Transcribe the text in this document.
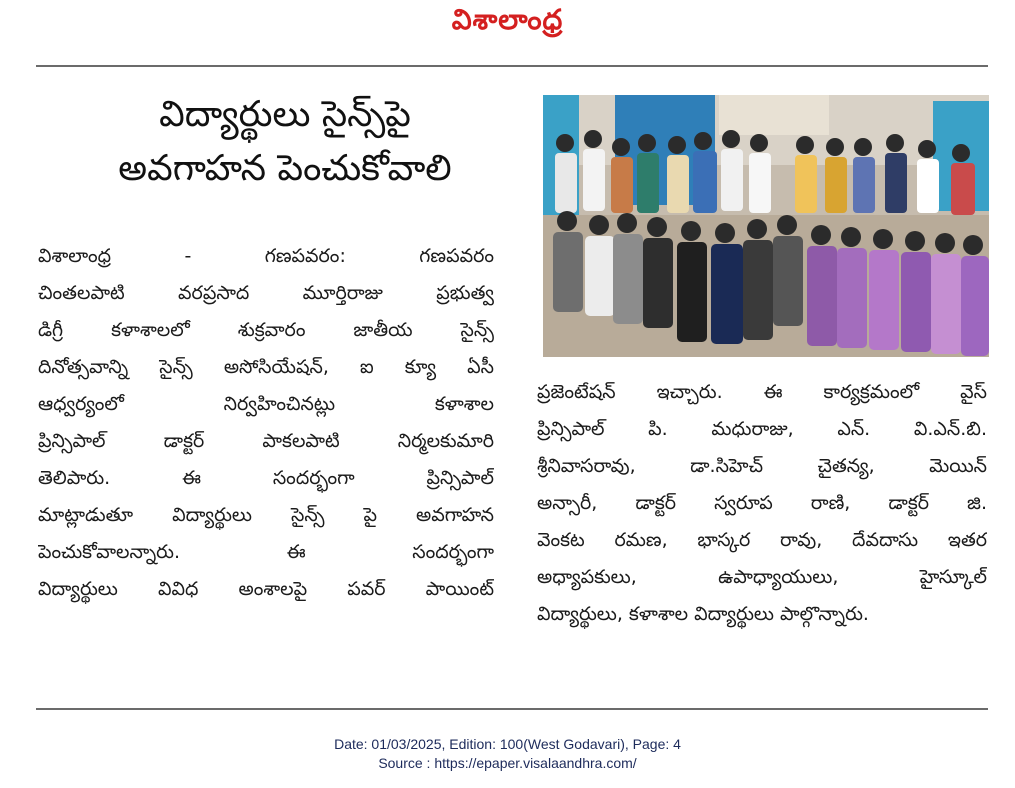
విశాలాంధ్ర
విద్యార్థులు సైన్స్‌పై
అవగాహన పెంచుకోవాలి
విశాలాంధ్ర - గణపవరం: గణపవరం
చింతలపాటి వరప్రసాద మూర్తిరాజు ప్రభుత్వ
డిగ్రీ కళాశాలలో శుక్రవారం జాతీయ సైన్స్
దినోత్సవాన్ని సైన్స్ అసోసియేషన్, ఐ క్యూ ఏసీ
ఆధ్వర్యంలో నిర్వహించినట్లు కళాశాల
ప్రిన్సిపాల్ డాక్టర్ పాకలపాటి నిర్మలకుమారి
తెలిపారు. ఈ సందర్భంగా ప్రిన్సిపాల్
మాట్లాడుతూ విద్యార్థులు సైన్స్ పై అవగాహన
పెంచుకోవాలన్నారు. ఈ సందర్భంగా
విద్యార్థులు వివిధ అంశాలపై పవర్ పాయింట్
ప్రజెంటేషన్ ఇచ్చారు. ఈ కార్యక్రమంలో వైస్
ప్రిన్సిపాల్ పి. మధురాజు, ఎన్. వి.ఎన్.బి.
శ్రీనివాసరావు, డా.సిహెచ్ చైతన్య, మెయిన్
అన్సారీ, డాక్టర్ స్వరూప రాణి, డాక్టర్ జి.
వెంకట రమణ, భాస్కర రావు, దేవదాసు ఇతర
అధ్యాపకులు, ఉపాధ్యాయులు, హైస్కూల్
విద్యార్థులు, కళాశాల విద్యార్థులు పాల్గొన్నారు.
Date: 01/03/2025, Edition: 100(West Godavari), Page: 4
Source : https://epaper.visalaandhra.com/
